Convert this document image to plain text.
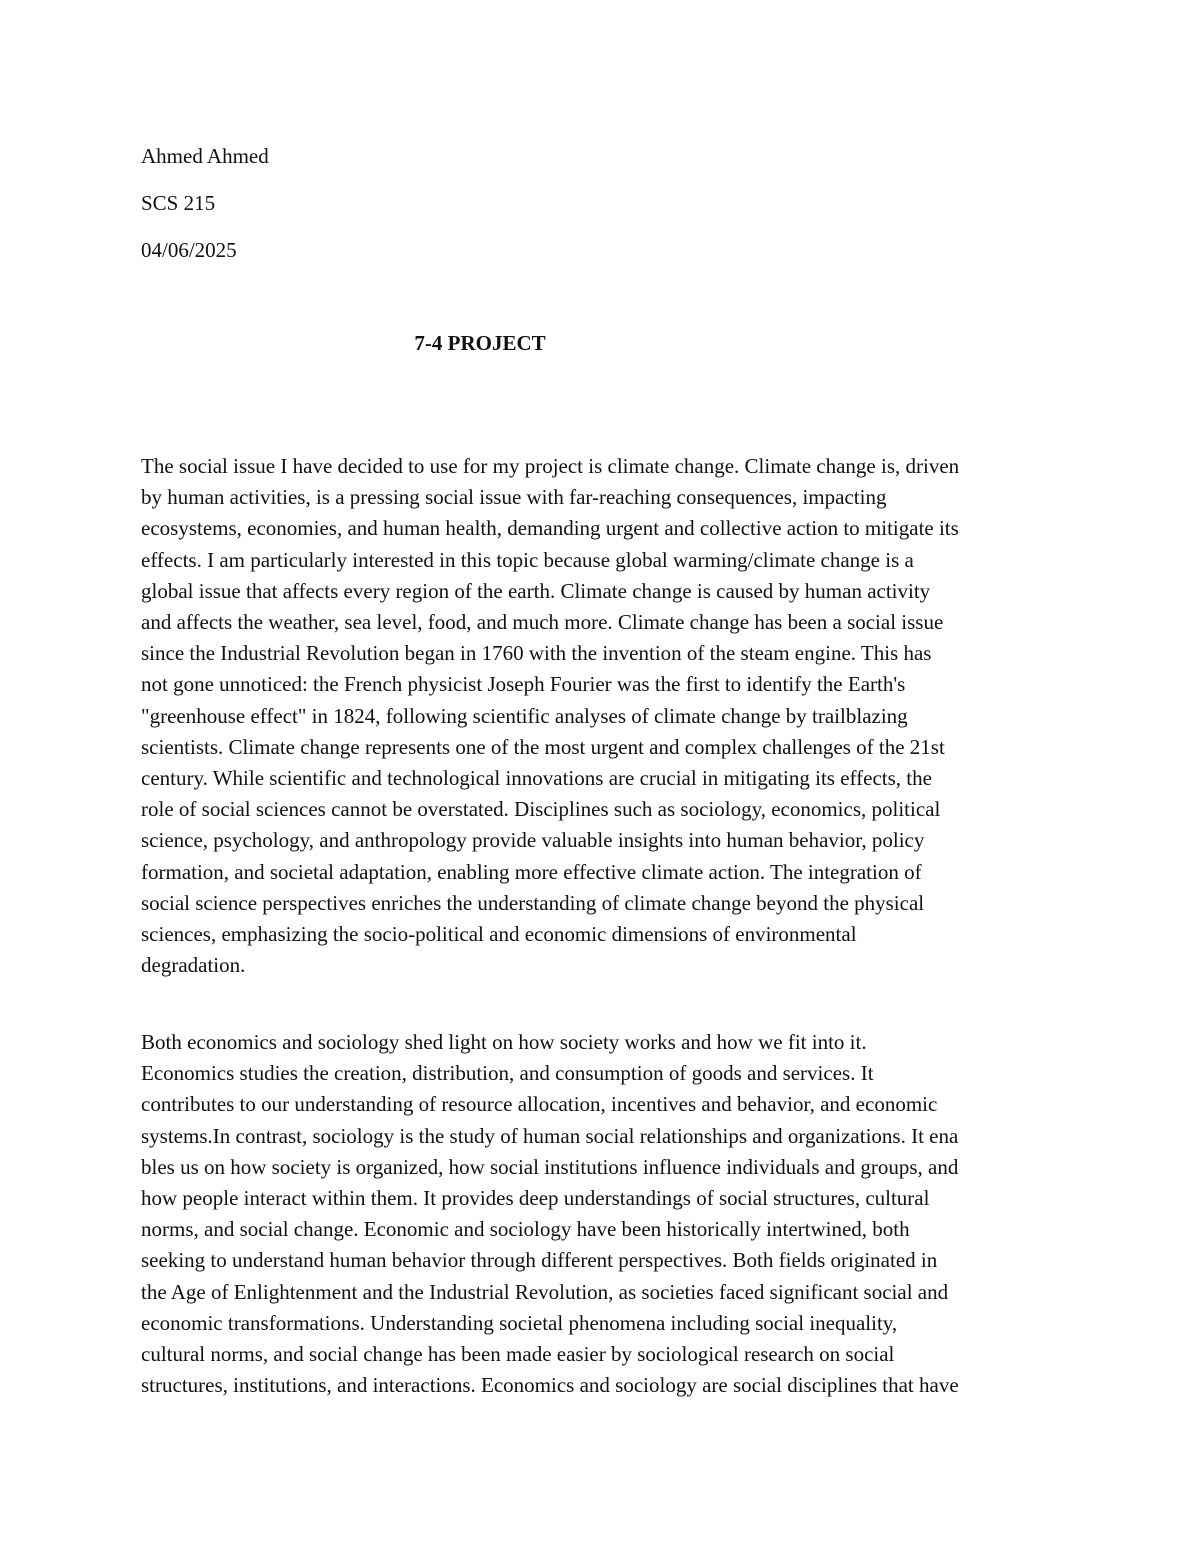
Ahmed Ahmed
SCS 215
04/06/2025
7-4 PROJECT
The social issue I have decided to use for my project is climate change. Climate change is, driven
by human activities, is a pressing social issue with far-reaching consequences, impacting
ecosystems, economies, and human health, demanding urgent and collective action to mitigate its
effects. I am particularly interested in this topic because global warming/climate change is a
global issue that affects every region of the earth. Climate change is caused by human activity
and affects the weather, sea level, food, and much more. Climate change has been a social issue
since the Industrial Revolution began in 1760 with the invention of the steam engine. This has
not gone unnoticed: the French physicist Joseph Fourier was the first to identify the Earth's
"greenhouse effect" in 1824, following scientific analyses of climate change by trailblazing
scientists. Climate change represents one of the most urgent and complex challenges of the 21st
century. While scientific and technological innovations are crucial in mitigating its effects, the
role of social sciences cannot be overstated. Disciplines such as sociology, economics, political
science, psychology, and anthropology provide valuable insights into human behavior, policy
formation, and societal adaptation, enabling more effective climate action. The integration of
social science perspectives enriches the understanding of climate change beyond the physical
sciences, emphasizing the socio-political and economic dimensions of environmental
degradation.
Both economics and sociology shed light on how society works and how we fit into it.
Economics studies the creation, distribution, and consumption of goods and services. It
contributes to our understanding of resource allocation, incentives and behavior, and economic
systems.In contrast, sociology is the study of human social relationships and organizations. It ena
bles us on how society is organized, how social institutions influence individuals and groups, and
how people interact within them. It provides deep understandings of social structures, cultural
norms, and social change. Economic and sociology have been historically intertwined, both
seeking to understand human behavior through different perspectives. Both fields originated in
the Age of Enlightenment and the Industrial Revolution, as societies faced significant social and
economic transformations. Understanding societal phenomena including social inequality,
cultural norms, and social change has been made easier by sociological research on social
structures, institutions, and interactions. Economics and sociology are social disciplines that have
